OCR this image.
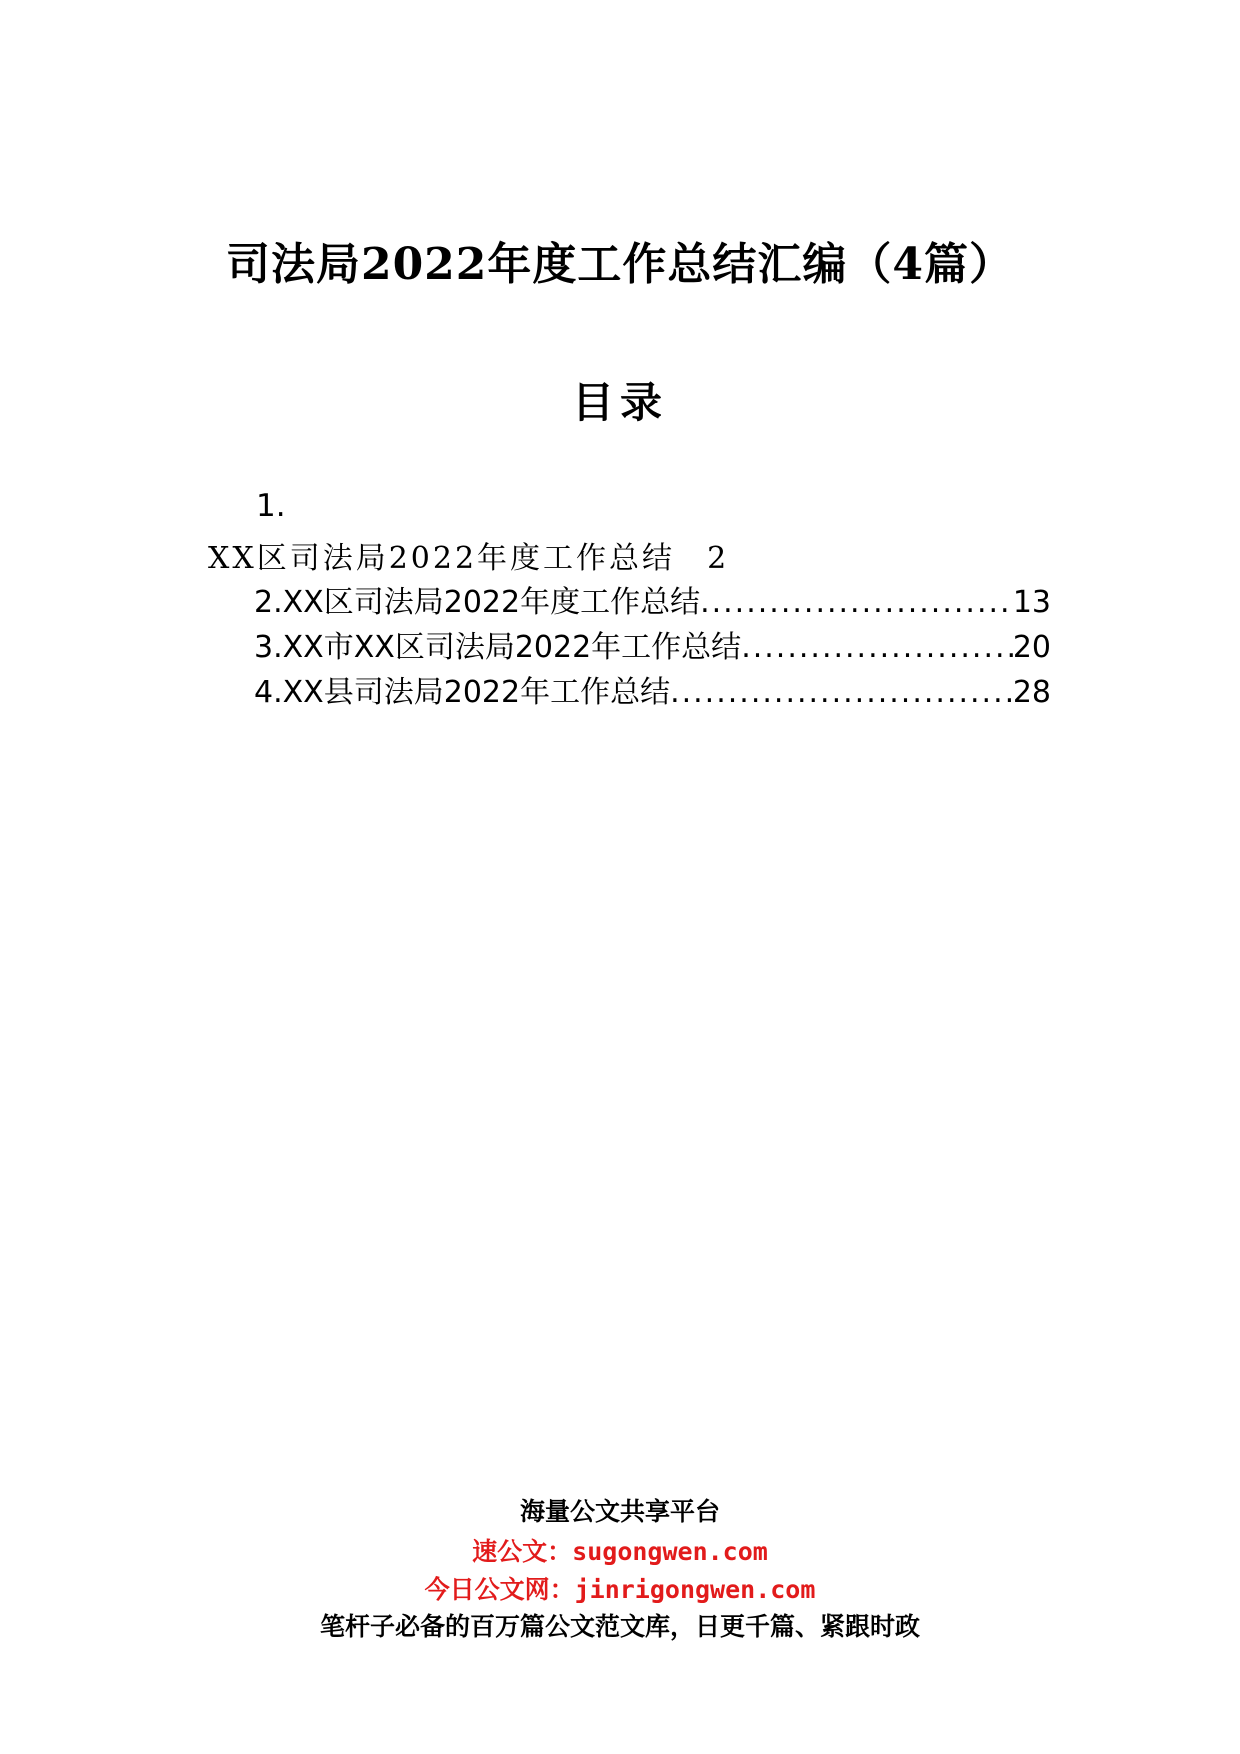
司法局2022年度工作总结汇编（4篇）
目录
1.
XX区司法局2022年度工作总结 2
2.XX区司法局2022年度工作总结 .....	13
3.XX市XX区司法局2022年工作总结 .....	20
4.XX县司法局2022年工作总结 .....	28

海量公文共享平台

速公文：sugongwen.com

今日公文网：jinrigongwen.com

笔杆子必备的百万篇公文范文库，日更千篇、紧跟时政
